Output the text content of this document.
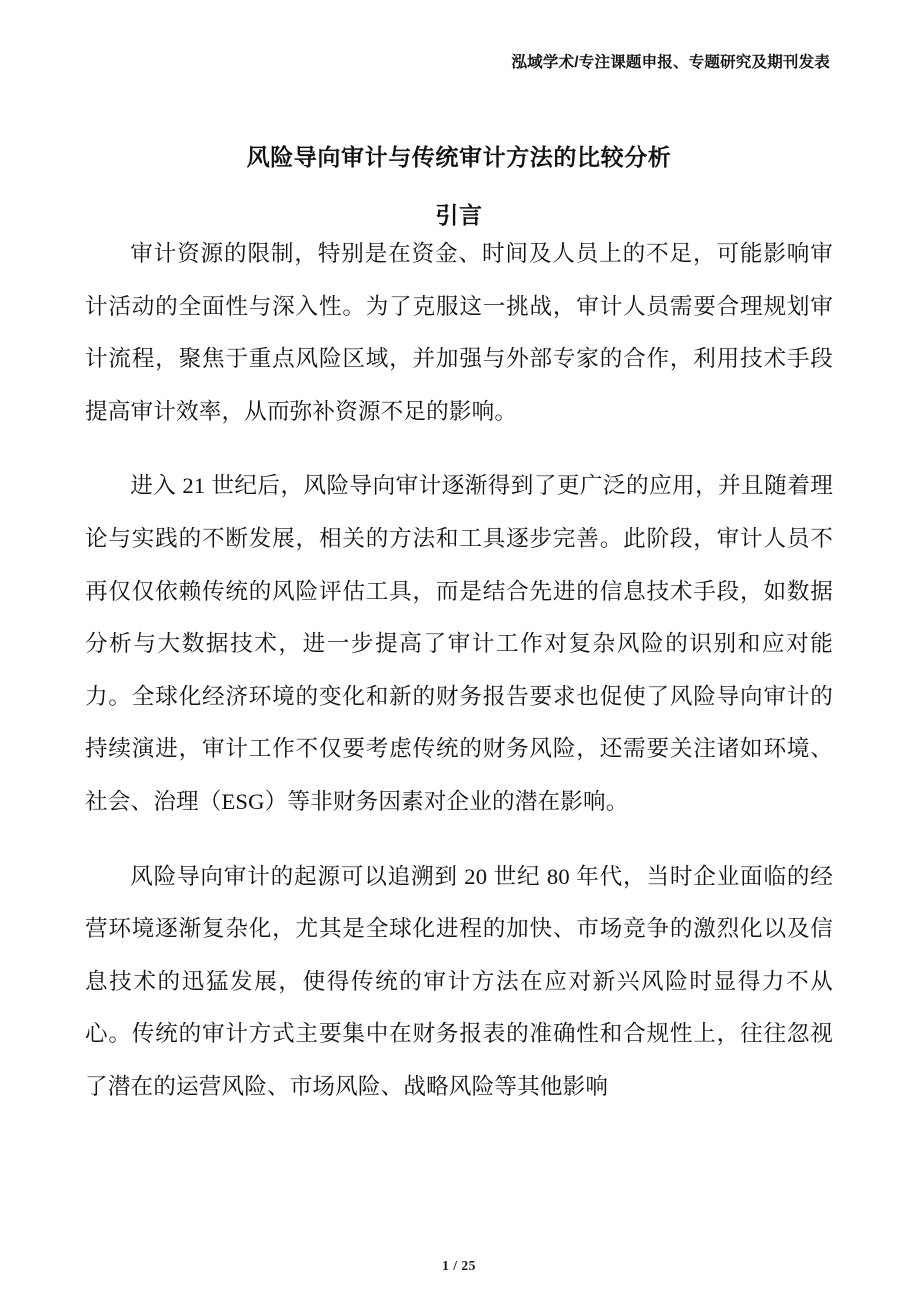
泓域学术/专注课题申报、专题研究及期刊发表
风险导向审计与传统审计方法的比较分析
引言

审计资源的限制，特别是在资金、时间及人员上的不足，可能影响审计活动的全面性与深入性。为了克服这一挑战，审计人员需要合理规划审计流程，聚焦于重点风险区域，并加强与外部专家的合作，利用技术手段提高审计效率，从而弥补资源不足的影响。

进入 21 世纪后，风险导向审计逐渐得到了更广泛的应用，并且随着理论与实践的不断发展，相关的方法和工具逐步完善。此阶段，审计人员不再仅仅依赖传统的风险评估工具，而是结合先进的信息技术手段，如数据分析与大数据技术，进一步提高了审计工作对复杂风险的识别和应对能力。全球化经济环境的变化和新的财务报告要求也促使了风险导向审计的持续演进，审计工作不仅要考虑传统的财务风险，还需要关注诸如环境、社会、治理（ESG）等非财务因素对企业的潜在影响。

风险导向审计的起源可以追溯到 20 世纪 80 年代，当时企业面临的经营环境逐渐复杂化，尤其是全球化进程的加快、市场竞争的激烈化以及信息技术的迅猛发展，使得传统的审计方法在应对新兴风险时显得力不从心。传统的审计方式主要集中在财务报表的准确性和合规性上，往往忽视了潜在的运营风险、市场风险、战略风险等其他影响

1 / 25
